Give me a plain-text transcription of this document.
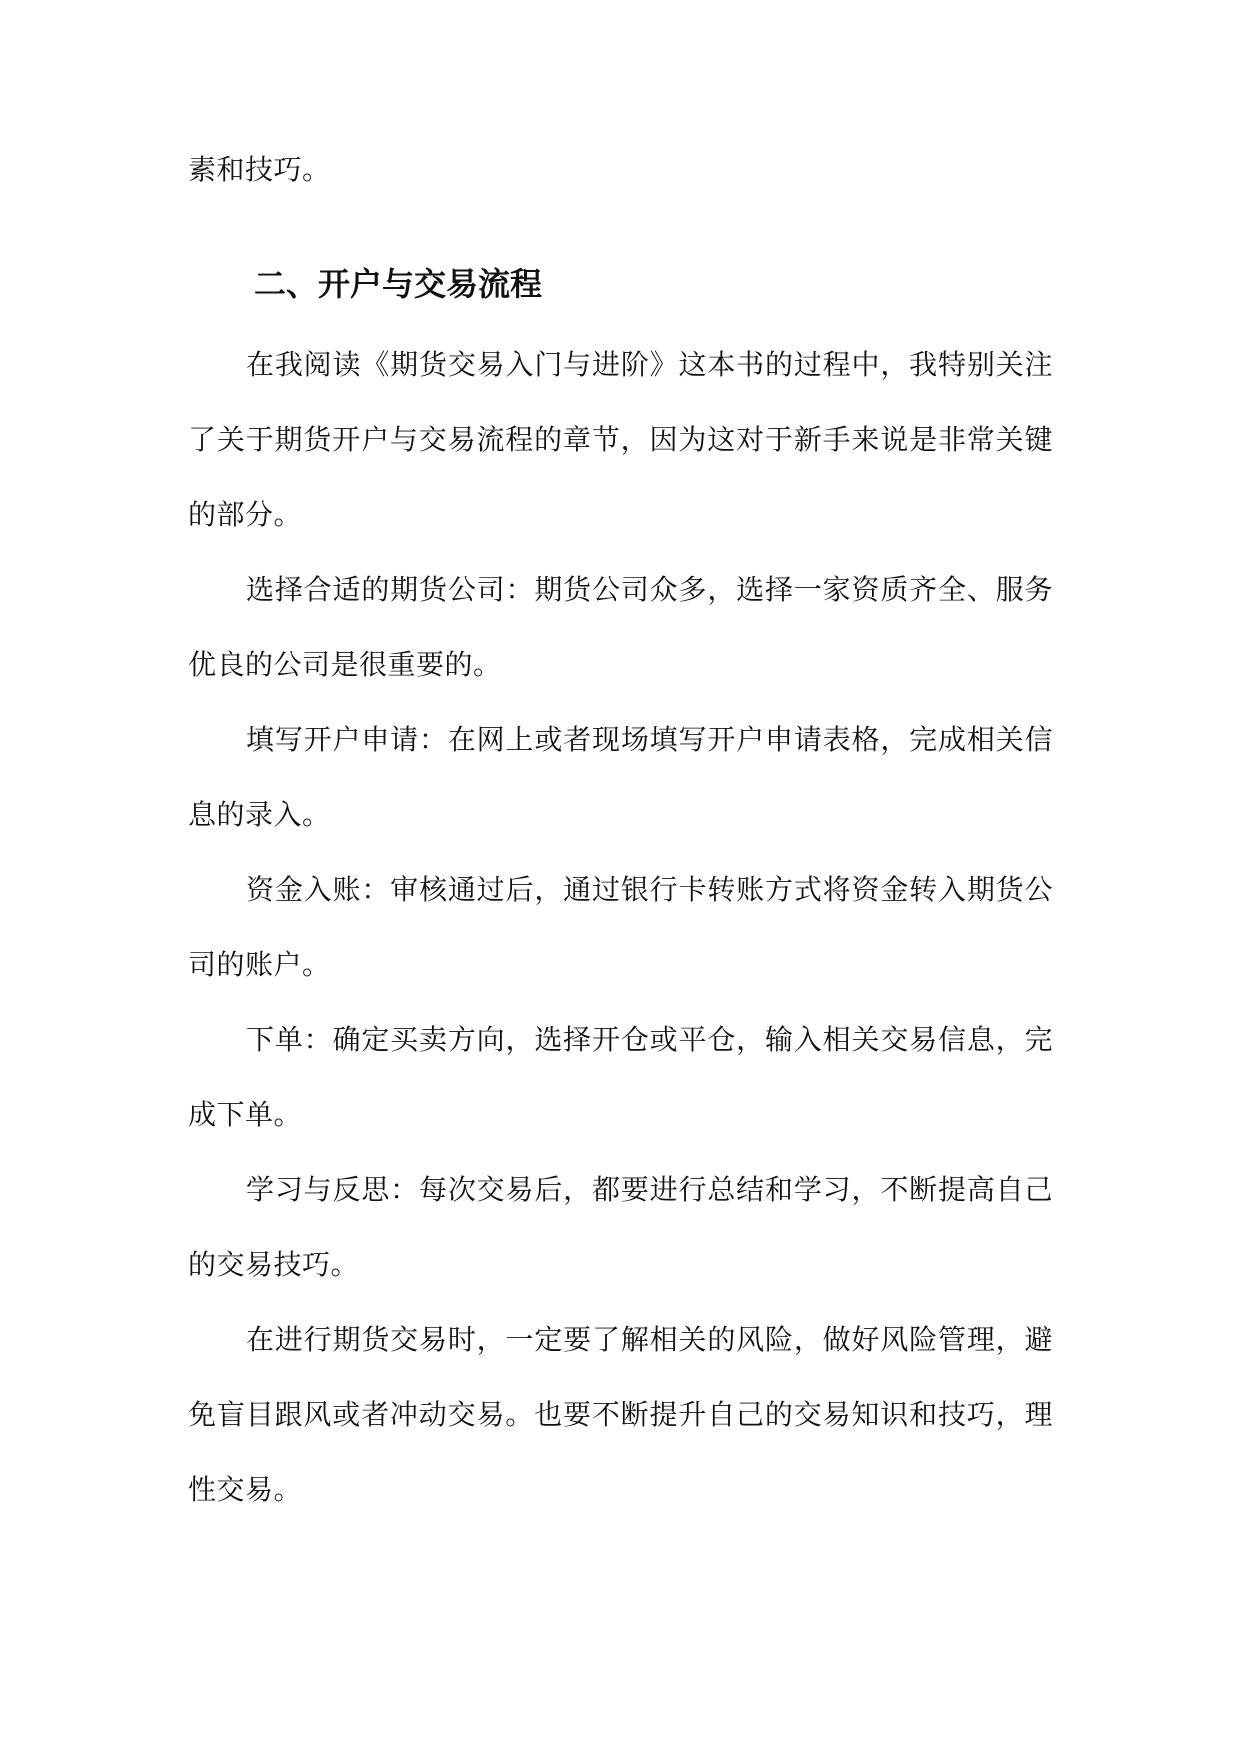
素和技巧。
二、开户与交易流程
在我阅读《期货交易入门与进阶》这本书的过程中，我特别关注
了关于期货开户与交易流程的章节，因为这对于新手来说是非常关键
的部分。
选择合适的期货公司：期货公司众多，选择一家资质齐全、服务
优良的公司是很重要的。
填写开户申请：在网上或者现场填写开户申请表格，完成相关信
息的录入。
资金入账：审核通过后，通过银行卡转账方式将资金转入期货公
司的账户。
下单：确定买卖方向，选择开仓或平仓，输入相关交易信息，完
成下单。
学习与反思：每次交易后，都要进行总结和学习，不断提高自己
的交易技巧。
在进行期货交易时，一定要了解相关的风险，做好风险管理，避
免盲目跟风或者冲动交易。也要不断提升自己的交易知识和技巧，理
性交易。
